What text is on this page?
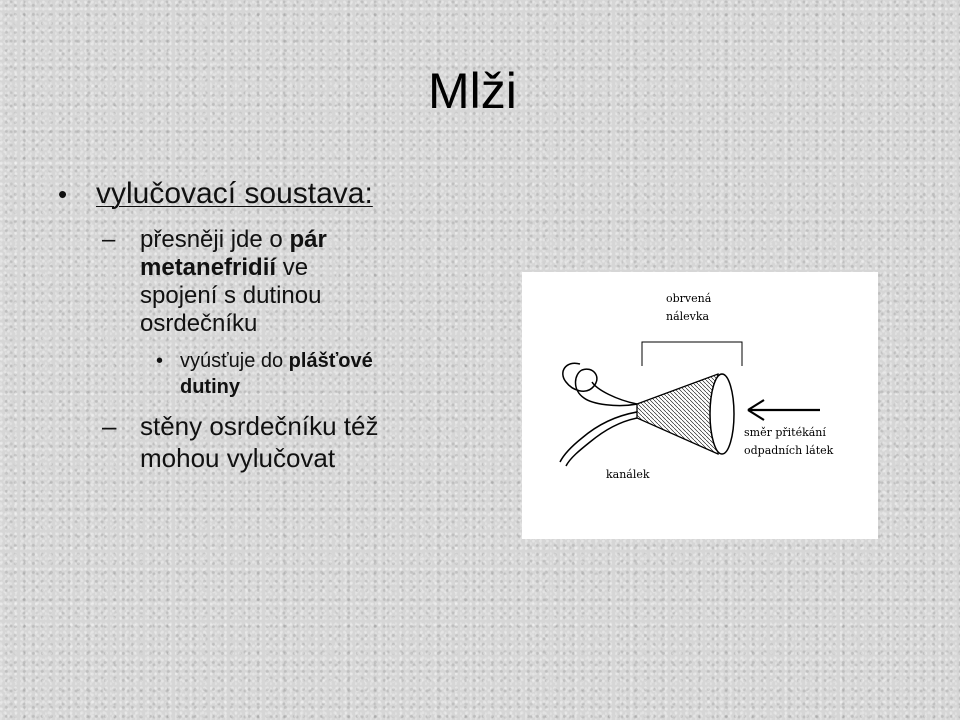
Mlži
• vylučovací soustava:
– přesněji jde o pár
metanefridií ve
spojení s dutinou
osrdečníku
• vyúsťuje do plášťové
dutiny
– stěny osrdečníku též
mohou vylučovat
obrvená
nálevka
směr přitékání
odpadních látek
kanálek
